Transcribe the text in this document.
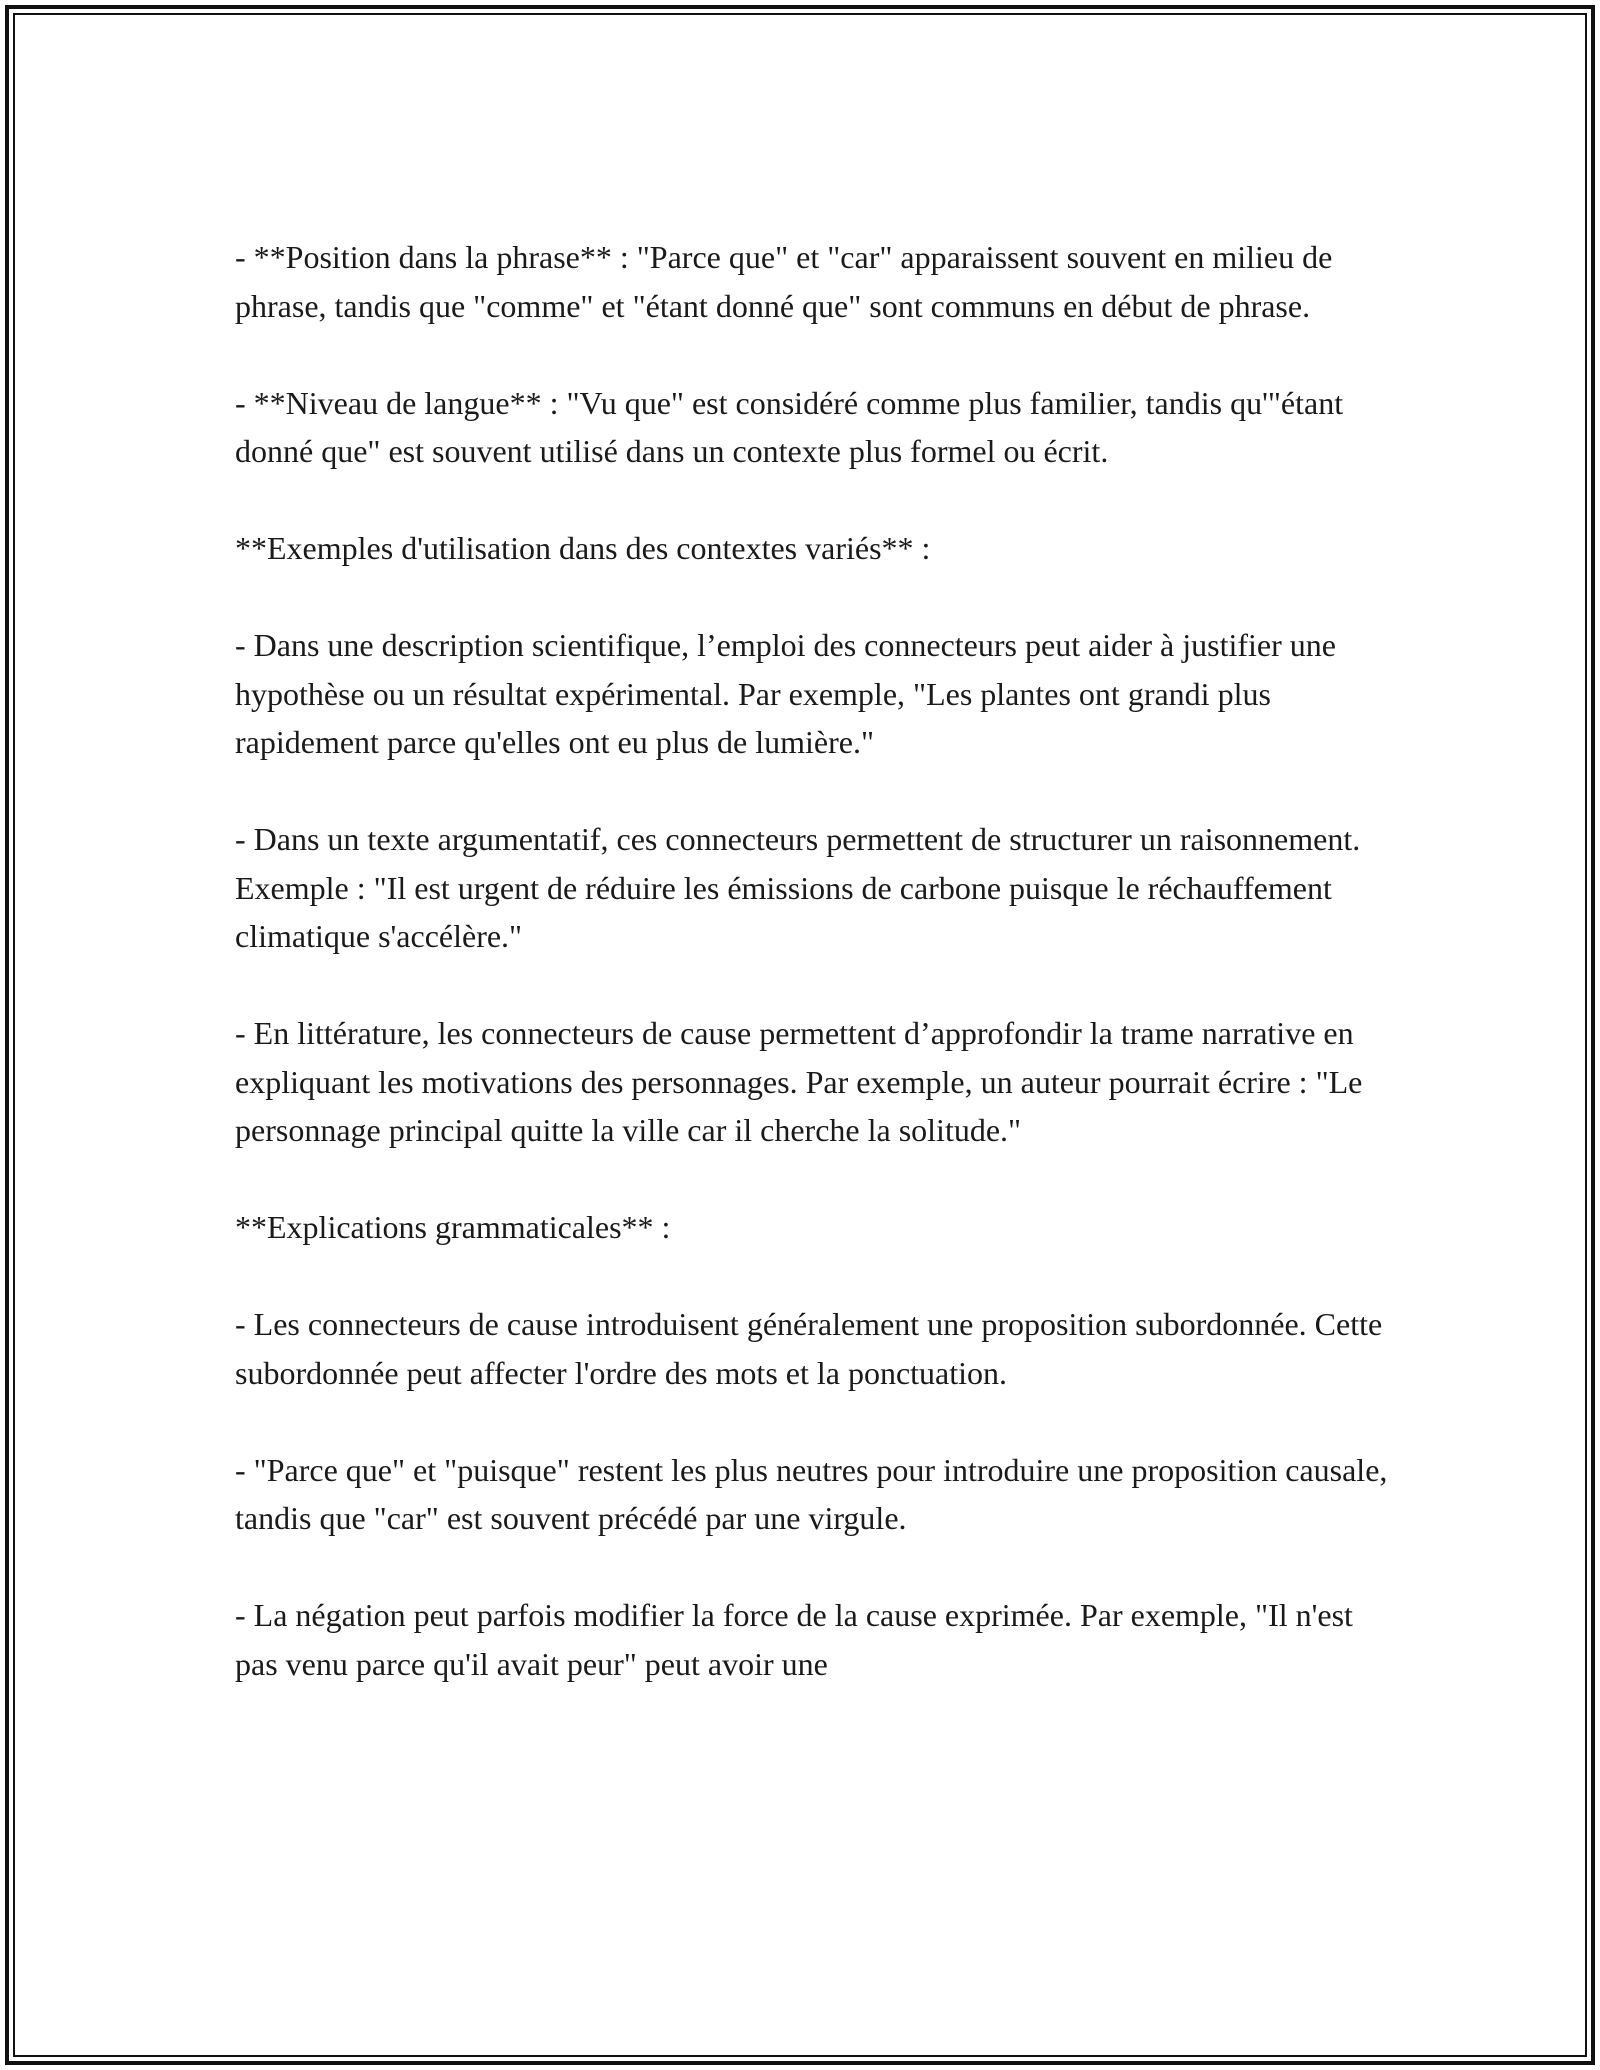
- **Position dans la phrase** : "Parce que" et "car" apparaissent souvent en milieu de phrase, tandis que "comme" et "étant donné que" sont communs en début de phrase.

- **Niveau de langue** : "Vu que" est considéré comme plus familier, tandis qu'"étant donné que" est souvent utilisé dans un contexte plus formel ou écrit.

**Exemples d'utilisation dans des contextes variés** :

- Dans une description scientifique, l’emploi des connecteurs peut aider à justifier une hypothèse ou un résultat expérimental. Par exemple, "Les plantes ont grandi plus rapidement parce qu'elles ont eu plus de lumière."

- Dans un texte argumentatif, ces connecteurs permettent de structurer un raisonnement. Exemple : "Il est urgent de réduire les émissions de carbone puisque le réchauffement climatique s'accélère."

- En littérature, les connecteurs de cause permettent d’approfondir la trame narrative en expliquant les motivations des personnages. Par exemple, un auteur pourrait écrire : "Le personnage principal quitte la ville car il cherche la solitude."

**Explications grammaticales** :

- Les connecteurs de cause introduisent généralement une proposition subordonnée. Cette subordonnée peut affecter l'ordre des mots et la ponctuation.

- "Parce que" et "puisque" restent les plus neutres pour introduire une proposition causale, tandis que "car" est souvent précédé par une virgule.

- La négation peut parfois modifier la force de la cause exprimée. Par exemple, "Il n'est pas venu parce qu'il avait peur" peut avoir une
